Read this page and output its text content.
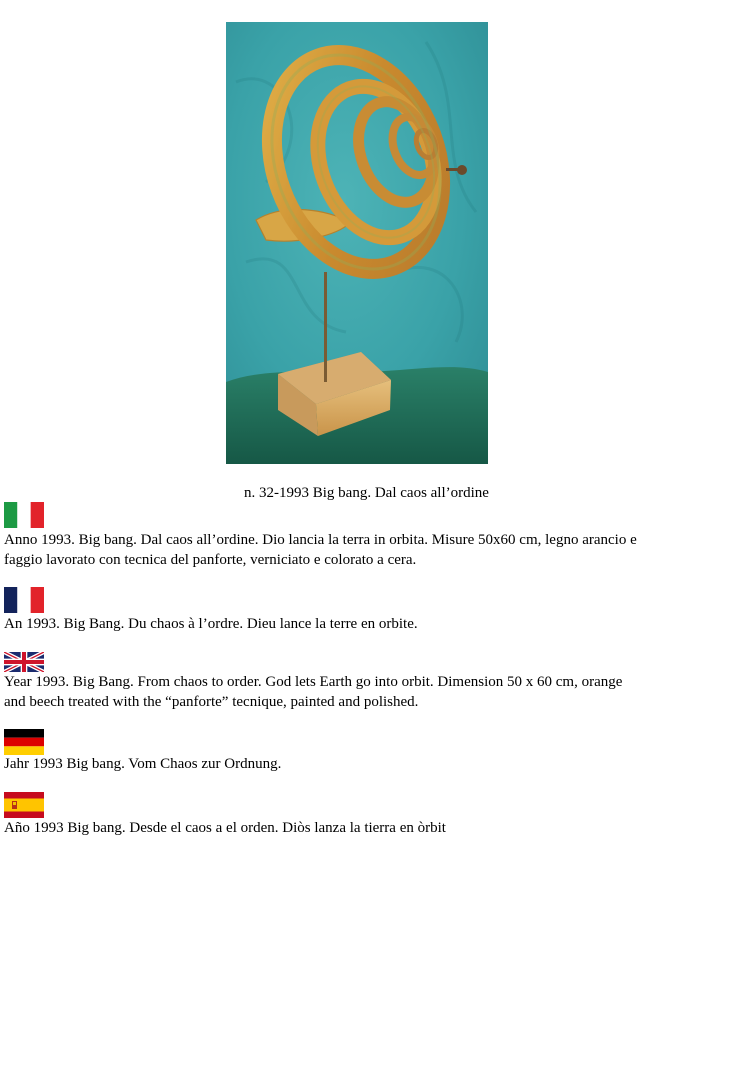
n. 32-1993 Big bang. Dal caos all’ordine

Anno 1993. Big bang. Dal caos all’ordine. Dio lancia la terra in orbita. Misure 50x60 cm, legno arancio e
faggio lavorato con tecnica del panforte, verniciato e colorato a cera.

An 1993. Big Bang. Du chaos à l’ordre. Dieu lance la terre en orbite.

Year 1993. Big Bang. From chaos to order. God lets Earth go into orbit. Dimension 50 x 60 cm, orange
and beech treated with the “panforte” tecnique, painted and polished.

Jahr 1993 Big bang. Vom Chaos zur Ordnung.

Año 1993 Big bang. Desde el caos a el orden. Diòs lanza la tierra en òrbit
